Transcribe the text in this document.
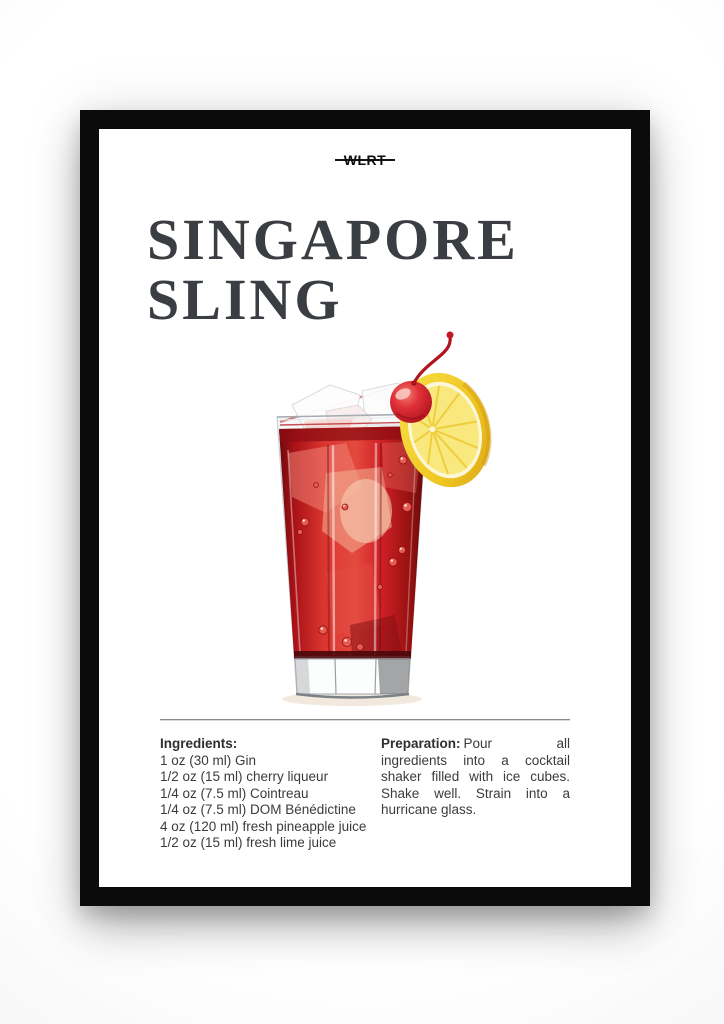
WLRT
SINGAPORE
SLING
Ingredients:
1 oz (30 ml) Gin
1/2 oz (15 ml) cherry liqueur
1/4 oz (7.5 ml) Cointreau
1/4 oz (7.5 ml) DOM Bénédictine
4 oz (120 ml) fresh pineapple juice
1/2 oz (15 ml) fresh lime juice

Preparation: Pour all ingredients into a cocktail shaker filled with ice cubes. Shake well. Strain into a hurricane glass.
